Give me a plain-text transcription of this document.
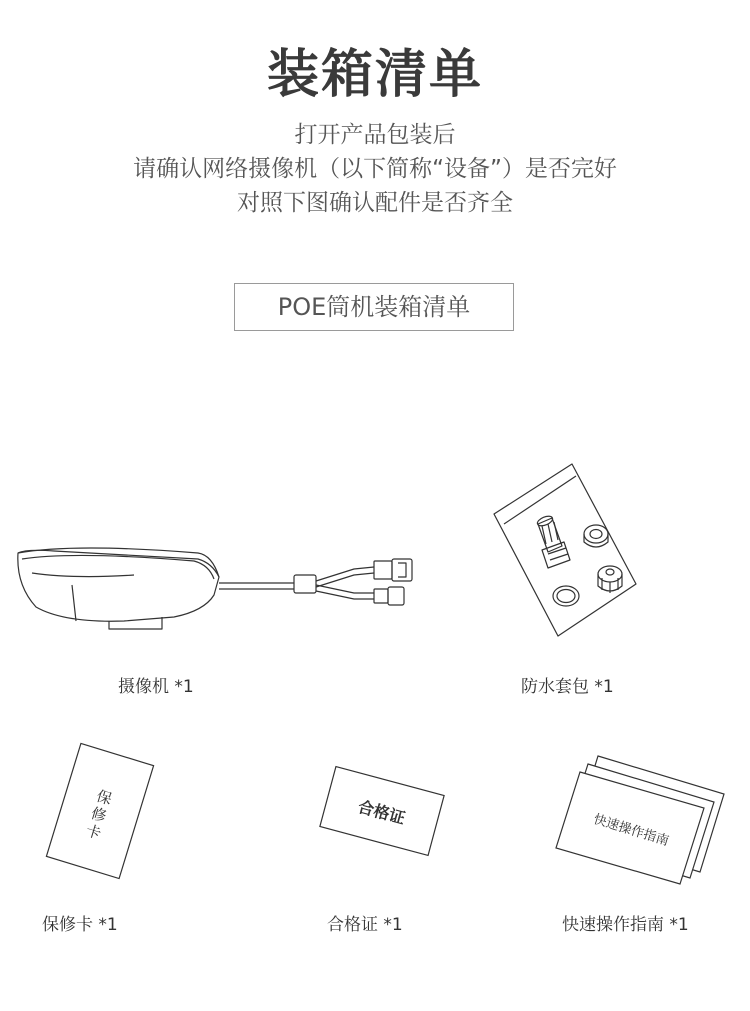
装箱清单
打开产品包装后
请确认网络摄像机（以下简称“设备”）是否完好
对照下图确认配件是否齐全
POE筒机装箱清单
摄像机 *1	防水套包 *1
保
修
卡
保修卡 *1
合格证
合格证 *1
快速操作指南
快速操作指南 *1
